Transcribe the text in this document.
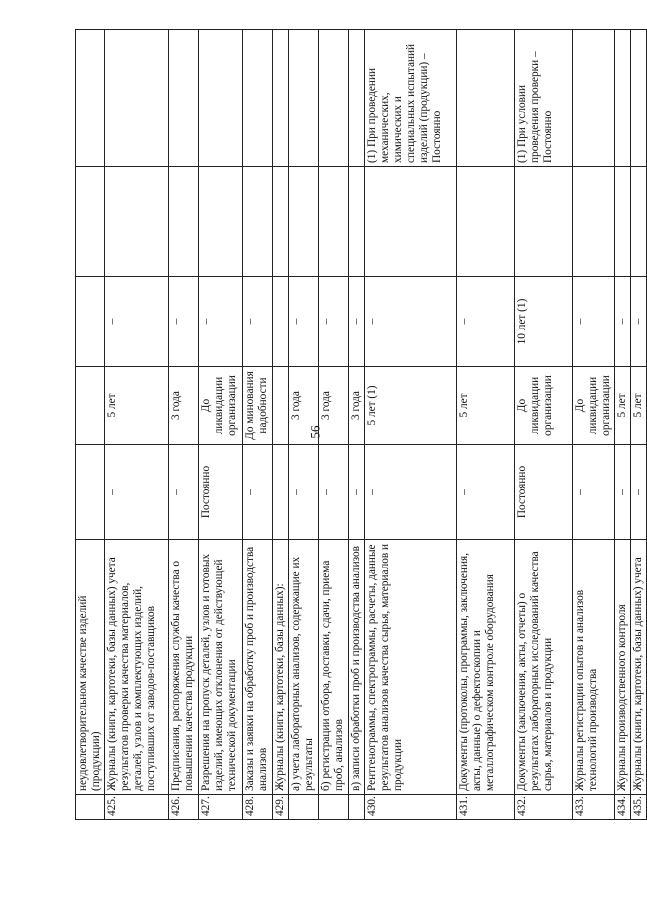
56
	неудовлетворительном качестве изделий (продукции)					
425.	Журналы (книги, картотеки, базы данных) учета результатов проверки качества материалов, деталей, узлов и комплектующих изделий, поступивших от заводов-поставщиков	–	5 лет	–		
426.	Предписания, распоряжения службы качества о повышении качества продукции	–	3 года	–		
427.	Разрешения на пропуск деталей, узлов и готовых изделий, имеющих отклонения от действующей технической документации	Постоянно	До ликвидации организации	–		
428.	Заказы и заявки на обработку проб и производства анализов	–	До минования надобности	–		
429.	Журналы (книги, картотеки, базы данных):					
	а) учета лабораторных анализов, содержащие их результаты	–	3 года	–		
	б) регистрации отбора, доставки, сдачи, приема проб, анализов	–	3 года	–		
	в) записи обработки проб и производства анализов	–	3 года	–		
430.	Рентгенограммы, спектрограммы, расчеты, данные результатов анализов качества сырья, материалов и продукции	–	5 лет (1)	–		(1) При проведении механических, химических и специальных испытаний изделий (продукции) – Постоянно
431.	Документы (протоколы, программы, заключения, акты, данные) о дефектоскопии и металлографическом контроле оборудования	–	5 лет	–		
432.	Документы (заключения, акты, отчеты) о результатах лабораторных исследований качества сырья, материалов и продукции	Постоянно	До ликвидации организации	10 лет (1)		(1) При условии проведения проверки – Постоянно
433.	Журналы регистрации опытов и анализов технологий производства	–	До ликвидации организации	–		
434.	Журналы производственного контроля	–	5 лет	–		
435.	Журналы (книги, картотеки, базы данных) учета	–	5 лет	–		
